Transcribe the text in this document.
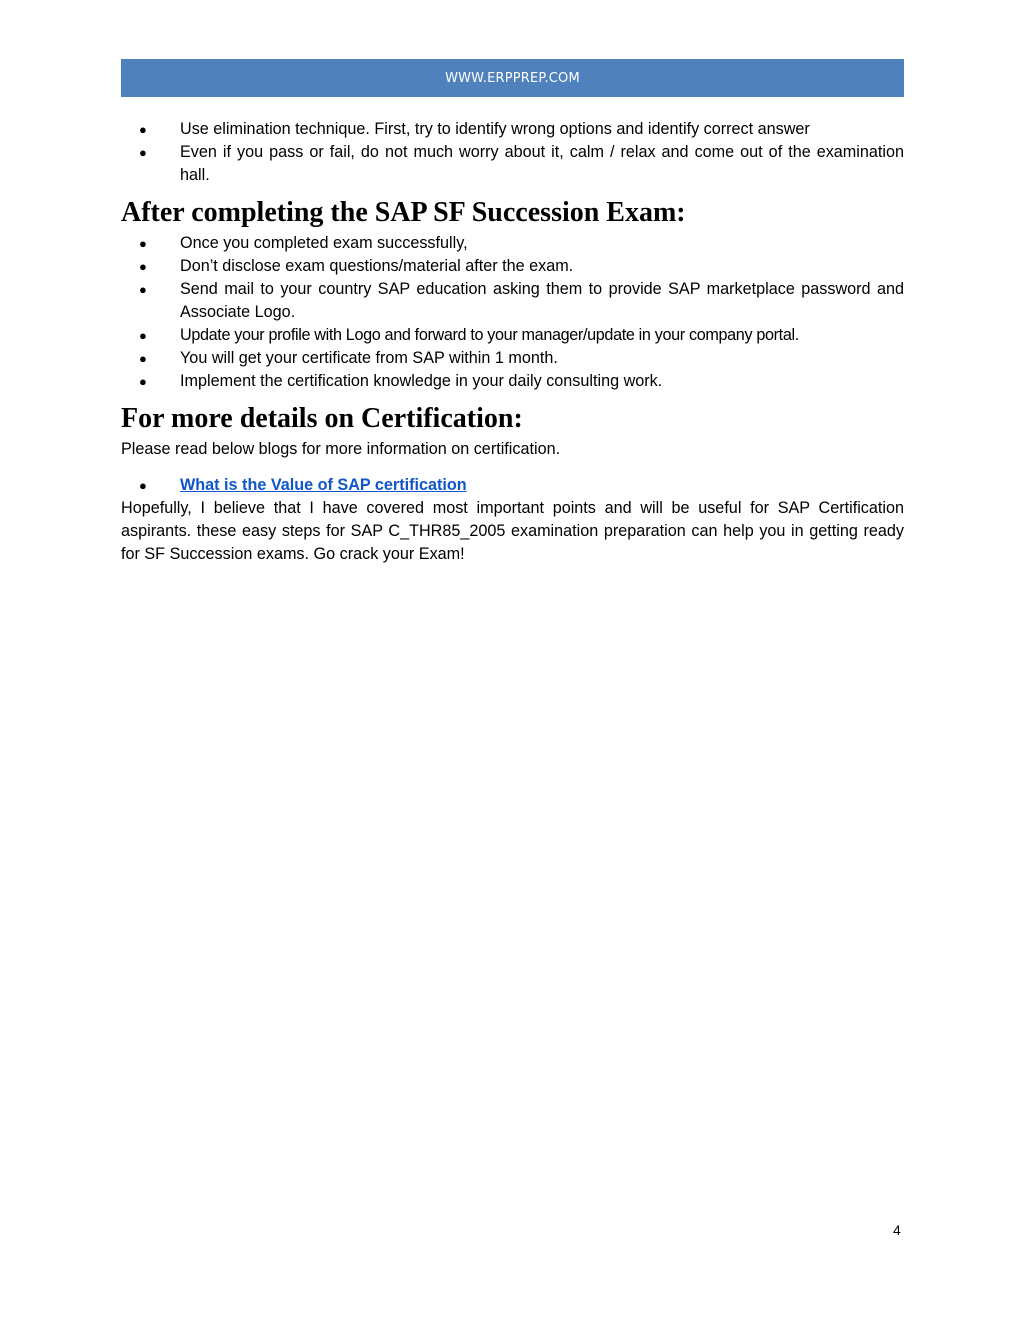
WWW.ERPPREP.COM
● Use elimination technique. First, try to identify wrong options and identify correct answer
● Even if you pass or fail, do not much worry about it, calm / relax and come out of the examination hall.
After completing the SAP SF Succession Exam:
● Once you completed exam successfully,
● Don’t disclose exam questions/material after the exam.
● Send mail to your country SAP education asking them to provide SAP marketplace password and Associate Logo.
● Update your profile with Logo and forward to your manager/update in your company portal.
● You will get your certificate from SAP within 1 month.
● Implement the certification knowledge in your daily consulting work.
For more details on Certification:

Please read below blogs for more information on certification.

● What is the Value of SAP certification

Hopefully, I believe that I have covered most important points and will be useful for SAP Certification aspirants. these easy steps for SAP C_THR85_2005 examination preparation can help you in getting ready for SF Succession exams. Go crack your Exam!

4
